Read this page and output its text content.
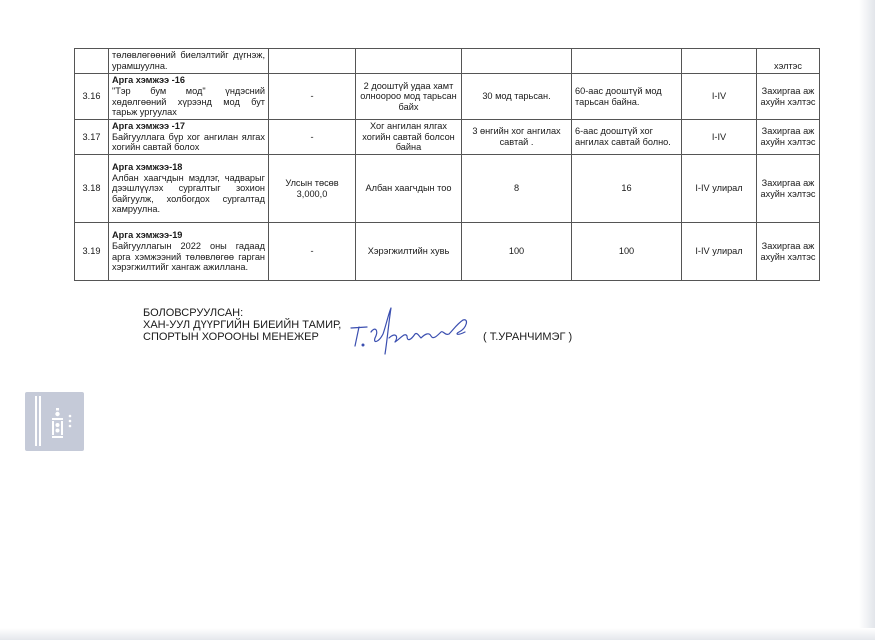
	төлөвлөгөөний биелэлтийг дүгнэж, урамшуулна.						хэлтэс
3.16	Арга хэмжээ -16
"Тэр бум мод" үндэсний хөдөлгөөний хүрээнд мод бут тарьж ургуулах	-	2 дооштүй удаа хамт олноороо мод тарьсан байх	30 мод тарьсан.	60-аас дооштүй мод тарьсан байна.	I-IV	Захиргаа аж ахуйн хэлтэс
3.17	Арга хэмжээ -17
Байгууллага бүр хог ангилан ялгах хогийн савтай болох	-	Хог ангилан ялгах хогийн савтай болсон байна	3 өнгийн хог ангилах савтай .	6-аас дооштүй хог ангилах савтай болно.	I-IV	Захиргаа аж ахуйн хэлтэс
3.18	Арга хэмжээ-18
Албан хаагчдын мэдлэг, чадварыг дээшлүүлэх сургалтыг зохион байгуулж, холбогдох сургалтад хамруулна.	Улсын төсөв 3,000,0	Албан хаагчдын тоо	8	16	I-IV улирал	Захиргаа аж ахуйн хэлтэс
3.19	Арга хэмжээ-19
Байгууллагын 2022 оны гадаад арга хэмжээний төлөвлөгөө гарган хэрэгжилтийг хангаж ажиллана.	-	Хэрэгжилтийн хувь	100	100	I-IV улирал	Захиргаа аж ахуйн хэлтэс
БОЛОВСРУУЛСАН:
ХАН-УУЛ ДҮҮРГИЙН БИЕИЙН ТАМИР,
СПОРТЫН ХОРООНЫ МЕНЕЖЕР	( Т.УРАНЧИМЭГ )
